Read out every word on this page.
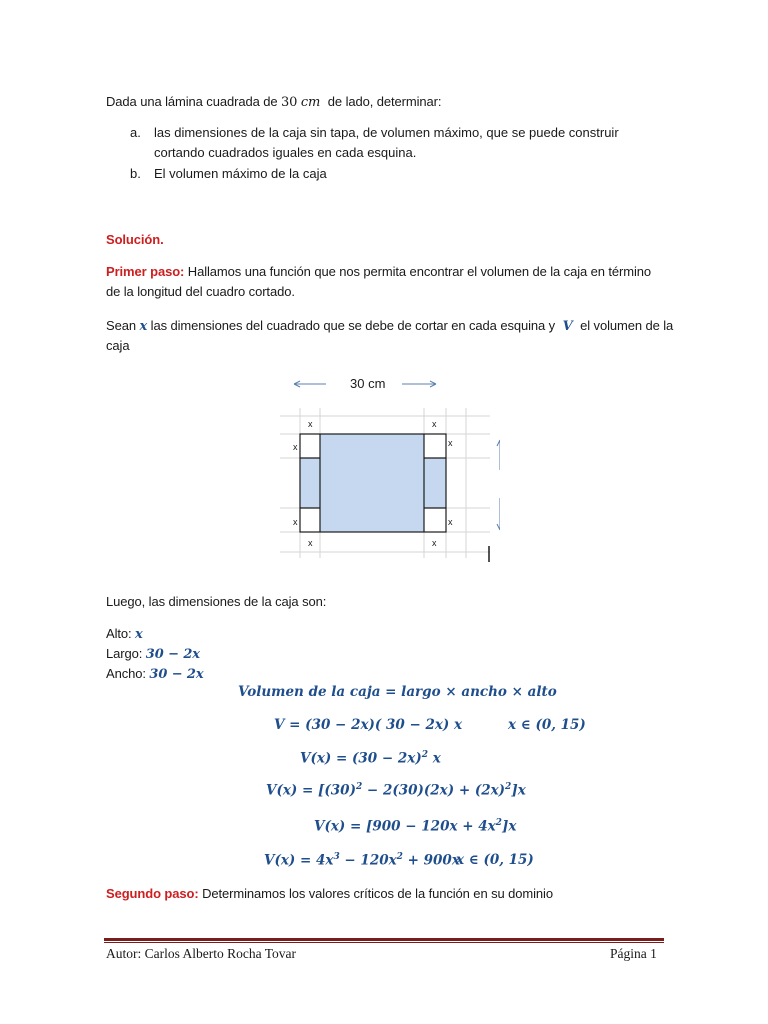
Dada una lámina cuadrada de 30 cm de lado, determinar:
a. las dimensiones de la caja sin tapa, de volumen máximo, que se puede construir
cortando cuadrados iguales en cada esquina.
b. El volumen máximo de la caja
Solución.
Primer paso: Hallamos una función que nos permita encontrar el volumen de la caja en término
de la longitud del cuadro cortado.
Sean x las dimensiones del cuadrado que se debe de cortar en cada esquina y V el volumen de la
caja
30 cm
x	x
x	x
x	x
x	x
Luego, las dimensiones de la caja son:
Alto: x
Largo: 30 − 2x
Ancho: 30 − 2x
Volumen de la caja = largo × ancho × alto
V = (30 − 2x)( 30 − 2x) x	x ∈ (0, 15)
$V(x) = (30 - 2x)^2$ x
$V(x) = [(30)^2 - 2(30)(2x) + (2x)^2]x$
$V(x) = [900 - 120x + 4x^2]x$
$V(x) = 4x^3 - 120x^2 + 900x$
x ∈ (0, 15)
Segundo paso: Determinamos los valores críticos de la función en su dominio
Autor: Carlos Alberto Rocha Tovar	Página 1
